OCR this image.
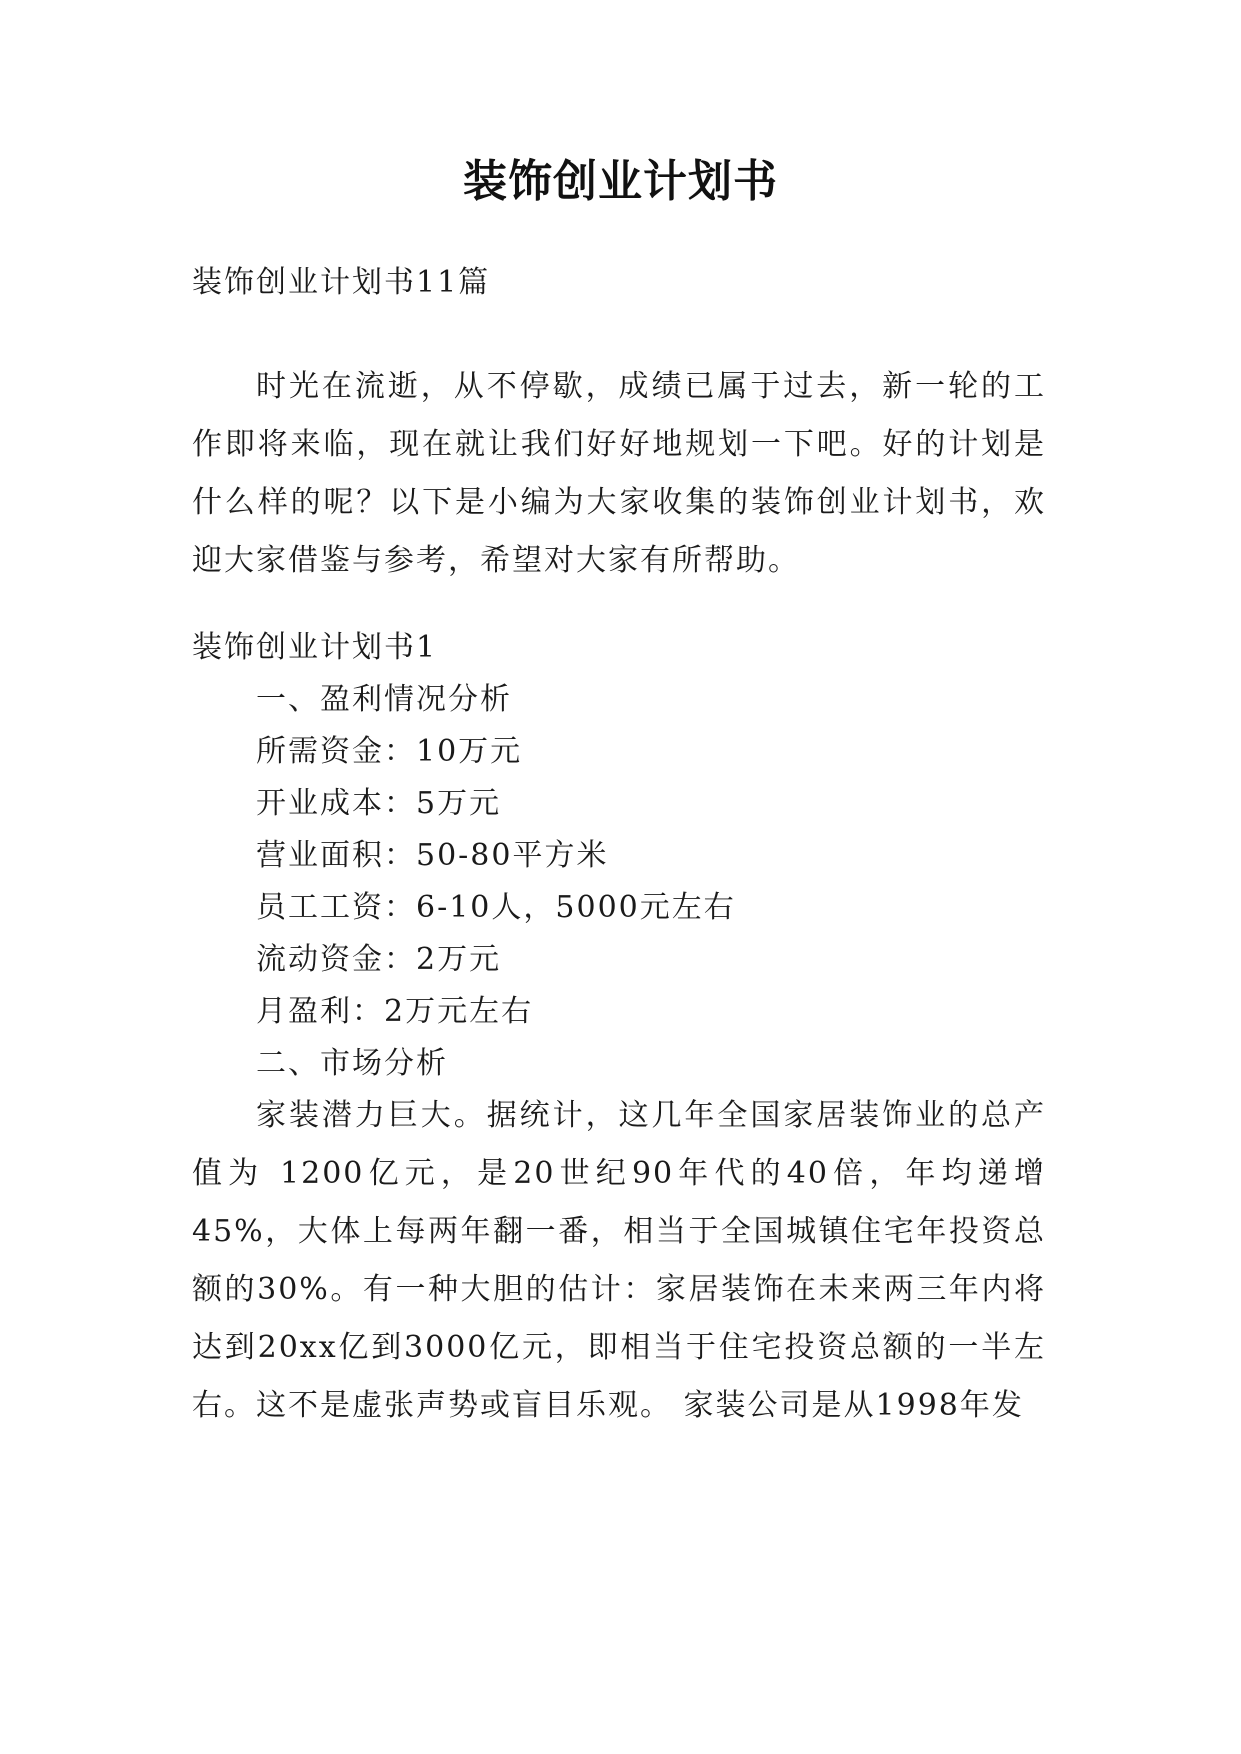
装饰创业计划书
装饰创业计划书11篇
时光在流逝，从不停歇，成绩已属于过去，新一轮的工作即将来临，现在就让我们好好地规划一下吧。好的计划是什么样的呢？以下是小编为大家收集的装饰创业计划书，欢迎大家借鉴与参考，希望对大家有所帮助。
装饰创业计划书1
一、盈利情况分析
所需资金：10万元
开业成本：5万元
营业面积：50-80平方米
员工工资：6-10人，5000元左右
流动资金：2万元
月盈利：2万元左右
二、市场分析
家装潜力巨大。据统计，这几年全国家居装饰业的总产值为 1200亿元，是20世纪90年代的40倍，年均递增45%，大体上每两年翻一番，相当于全国城镇住宅年投资总额的30%。有一种大胆的估计：家居装饰在未来两三年内将达到20xx亿到3000亿元，即相当于住宅投资总额的一半左右。这不是虚张声势或盲目乐观。 家装公司是从1998年发
